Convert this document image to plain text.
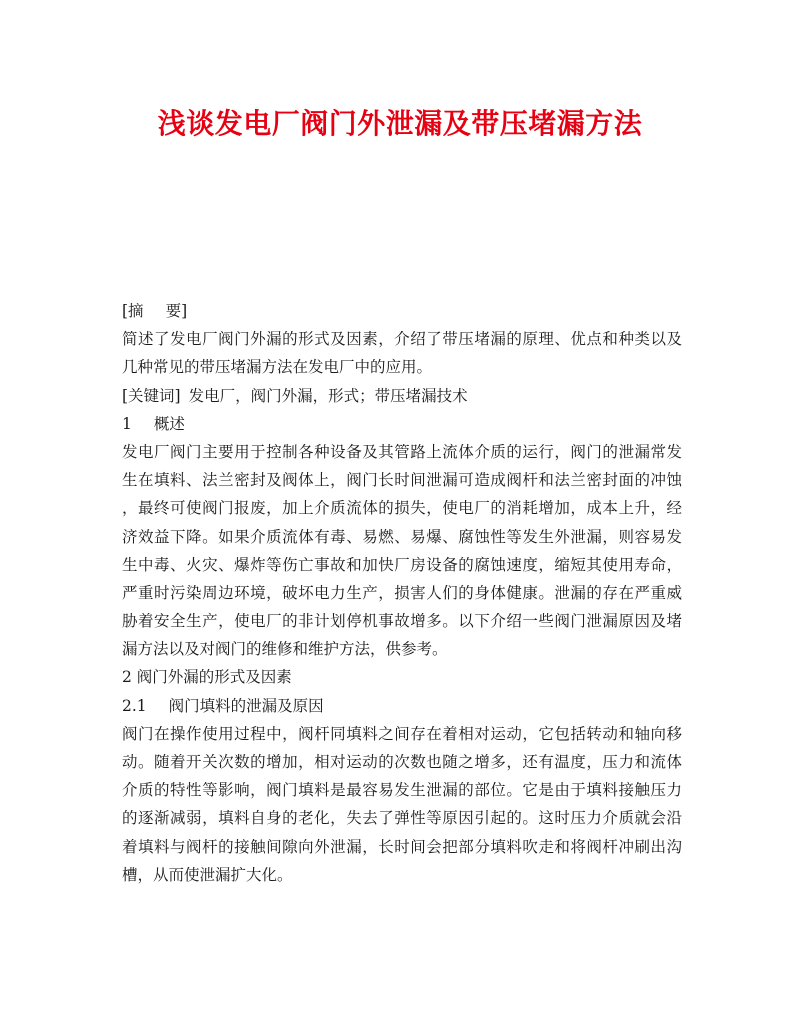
浅谈发电厂阀门外泄漏及带压堵漏方法
[摘 要]
简述了发电厂阀门外漏的形式及因素，介绍了带压堵漏的原理、优点和种类以及
几种常见的带压堵漏方法在发电厂中的应用。
[关键词] 发电厂，阀门外漏，形式；带压堵漏技术
1 概述
发电厂阀门主要用于控制各种设备及其管路上流体介质的运行，阀门的泄漏常发
生在填料、法兰密封及阀体上，阀门长时间泄漏可造成阀杆和法兰密封面的冲蚀
，最终可使阀门报废，加上介质流体的损失，使电厂的消耗增加，成本上升，经
济效益下降。如果介质流体有毒、易燃、易爆、腐蚀性等发生外泄漏，则容易发
生中毒、火灾、爆炸等伤亡事故和加快厂房设备的腐蚀速度，缩短其使用寿命，
严重时污染周边环境，破坏电力生产，损害人们的身体健康。泄漏的存在严重威
胁着安全生产，使电厂的非计划停机事故增多。以下介绍一些阀门泄漏原因及堵
漏方法以及对阀门的维修和维护方法，供参考。
2 阀门外漏的形式及因素
2.1 阀门填料的泄漏及原因
阀门在操作使用过程中，阀杆同填料之间存在着相对运动，它包括转动和轴向移
动。随着开关次数的增加，相对运动的次数也随之增多，还有温度，压力和流体
介质的特性等影响，阀门填料是最容易发生泄漏的部位。它是由于填料接触压力
的逐渐减弱，填料自身的老化，失去了弹性等原因引起的。这时压力介质就会沿
着填料与阀杆的接触间隙向外泄漏，长时间会把部分填料吹走和将阀杆冲刷出沟
槽，从而使泄漏扩大化。
